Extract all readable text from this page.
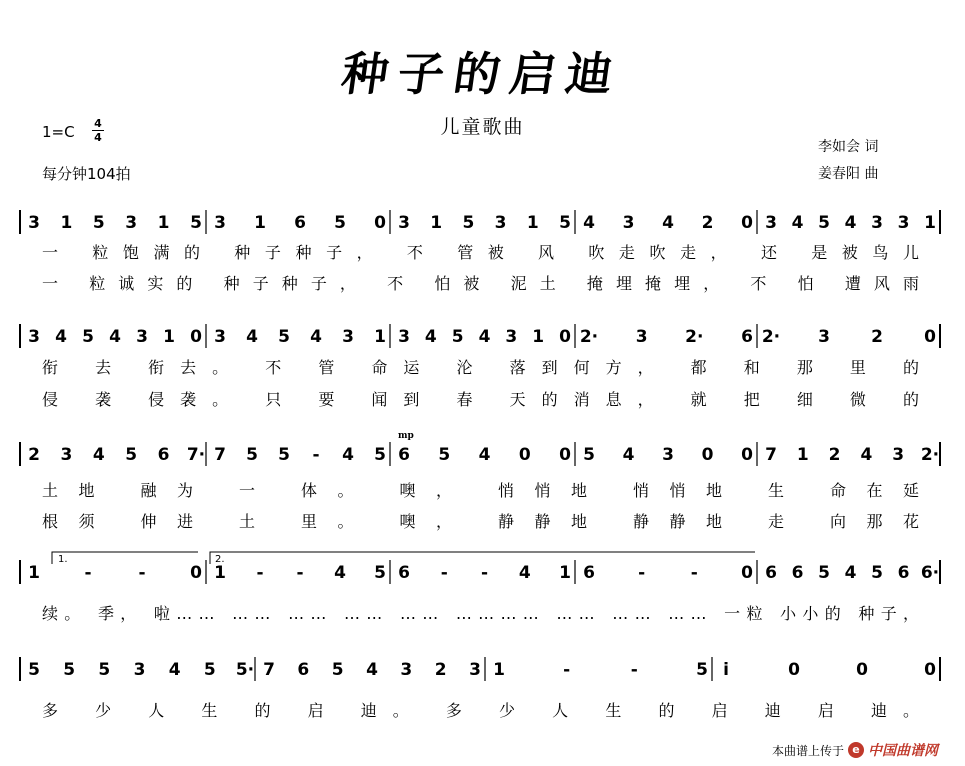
种子的启迪
儿童歌曲
1=C	4
4
每分钟104拍
李如会 词
姜春阳 曲
3 1 5 3 1 5 3 1 6 5 0 3 1 5 3 1 5 4 3 4 2 0 3 4 5 4 3 3 1
一 粒饱满的 种子种子， 不 管被 风 吹走吹走， 还 是被鸟儿
一 粒诚实的 种子种子， 不 怕被 泥土 掩埋掩埋， 不 怕 遭风雨
3 4 5 4 3 1 0 3 4 5 4 3 1 3 4 5 4 3 1 0 2· 3 2· 6 2· 3 2 0
衔 去 衔去。 不 管 命运 沦 落到何方， 都 和 那 里 的
侵 袭 侵袭。 只 要 闻到 春 天的消息， 就 把 细 微 的
2 3 4 5 6 7· 7 5 5 - 4 5 6 5 4 0 0 5 4 3 0 0 7 1 2 4 3 2·
mp
土地 融为 一 体。 噢， 悄悄地 悄悄地 生 命在延
根须 伸进 土 里。 噢， 静静地 静静地 走 向那花
1	-	-	0 1 - - 4 5 6 - - 4 1 6	-	-	0 6 6 5 4 5 6 6·
1.	2.
续。 季， 啦…… …… …… …… …… ………… …… …… …… 一粒 小小的 种子，
5 5 5 3 4 5 5· 7 6 5 4 3 2 3 1	-	-	5 i	0	0	0
多 少 人 生 的 启 迪。 多 少 人 生 的 启 迪 启 迪。
本曲谱上传于 e 中国曲谱网
